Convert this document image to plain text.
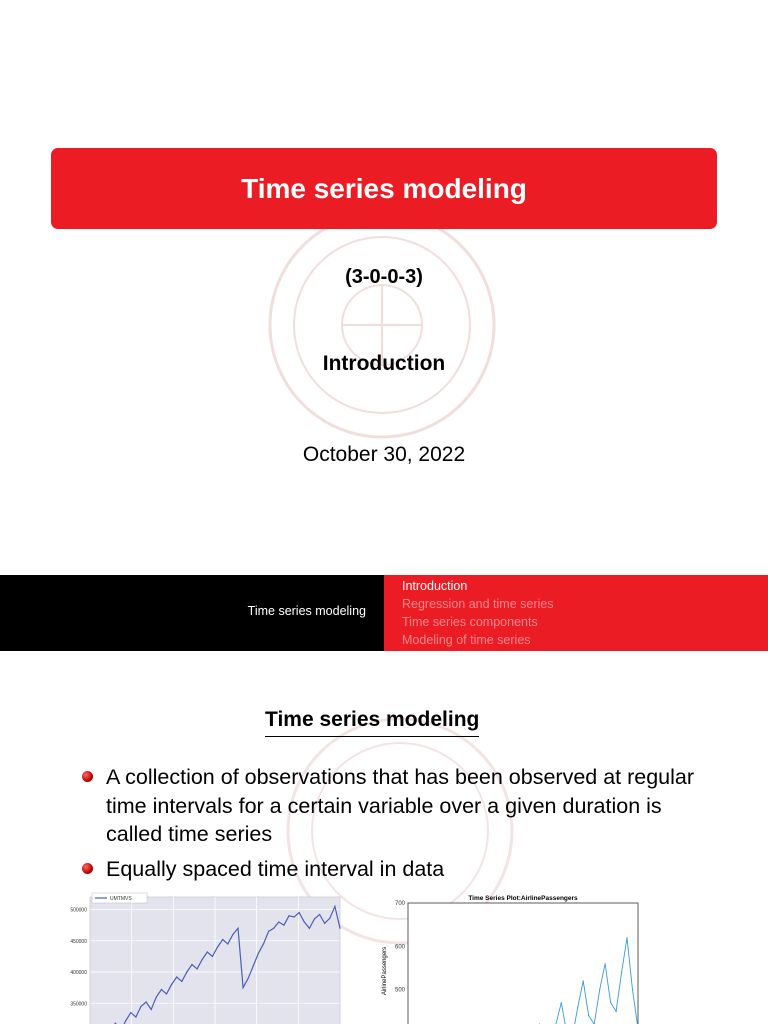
Time series modeling
(3-0-0-3)
Introduction
October 30, 2022
Time series modeling
Introduction
Regression and time series
Time series components
Modeling of time series
Time series modeling
A collection of observations that has been observed at regular time intervals for a certain variable over a given duration is called time series
Equally spaced time interval in data
500000
450000
400000
350000
UMTMVS
700
600
500
Time Series Plot:AirlinePassengers
AirlinePassengers
